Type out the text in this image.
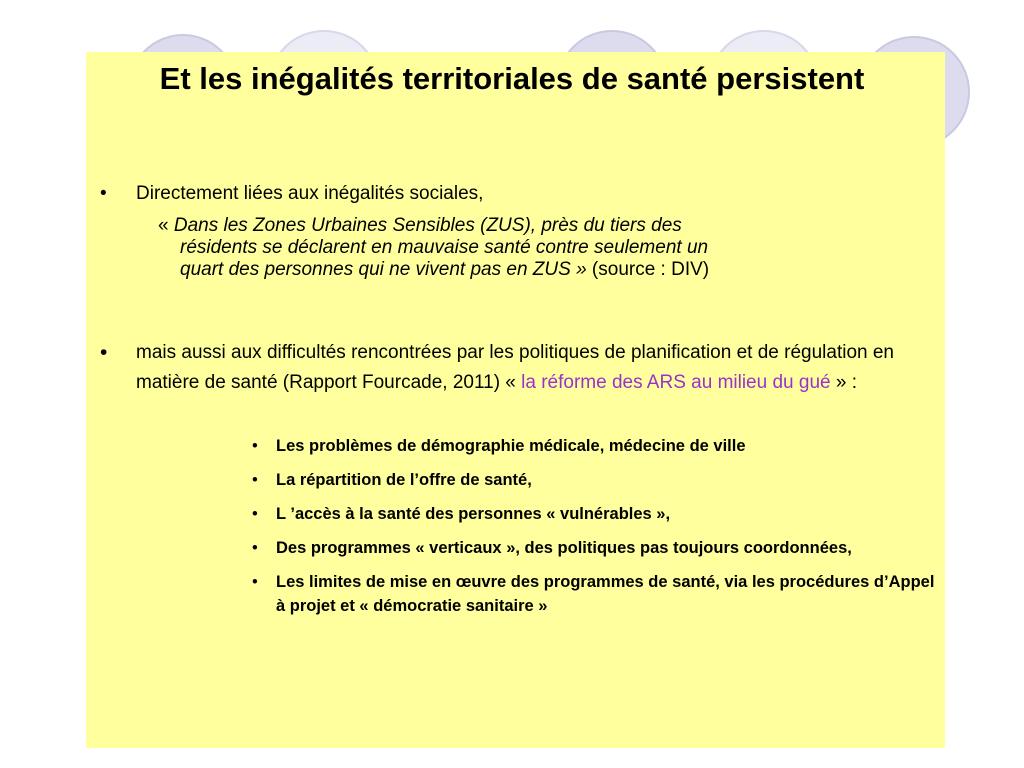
Et les inégalités territoriales de santé persistent
• Directement liées aux inégalités sociales,
« Dans les Zones Urbaines Sensibles (ZUS), près du tiers des
résidents se déclarent en mauvaise santé contre seulement un
quart des personnes qui ne vivent pas en ZUS » (source : DIV)
• mais aussi aux difficultés rencontrées par les politiques de planification et de régulation en matière de santé (Rapport Fourcade, 2011) « la réforme des ARS au milieu du gué » :
• Les problèmes de démographie médicale, médecine de ville
• La répartition de l’offre de santé,
• L ’accès à la santé des personnes « vulnérables »,
• Des programmes « verticaux », des politiques pas toujours coordonnées,
• Les limites de mise en œuvre des programmes de santé, via les procédures d’Appel à projet et « démocratie sanitaire »
